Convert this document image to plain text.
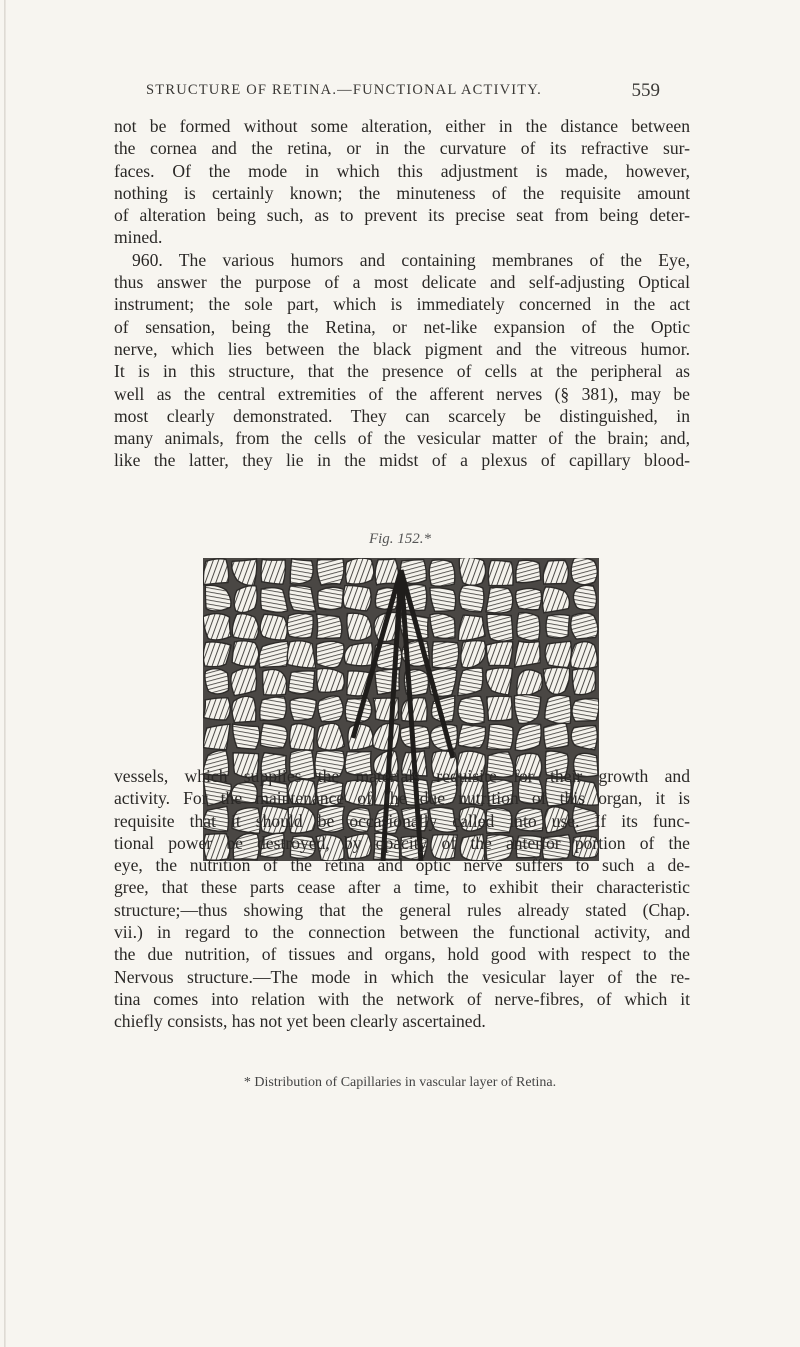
STRUCTURE OF RETINA.—FUNCTIONAL ACTIVITY.	559
not be formed without some alteration, either in the distance between
the cornea and the retina, or in the curvature of its refractive sur-
faces. Of the mode in which this adjustment is made, however,
nothing is certainly known; the minuteness of the requisite amount
of alteration being such, as to prevent its precise seat from being deter-
mined.
960. The various humors and containing membranes of the Eye,
thus answer the purpose of a most delicate and self-adjusting Optical
instrument; the sole part, which is immediately concerned in the act
of sensation, being the Retina, or net-like expansion of the Optic
nerve, which lies between the black pigment and the vitreous humor.
It is in this structure, that the presence of cells at the peripheral as
well as the central extremities of the afferent nerves (§ 381), may be
most clearly demonstrated. They can scarcely be distinguished, in
many animals, from the cells of the vesicular matter of the brain; and,
like the latter, they lie in the midst of a plexus of capillary blood-
Fig. 152.*
vessels, which supplies the materials requisite for their growth and
activity. For the maintenance of the due nutrition of this organ, it is
requisite that it should be occasionally called into use. If its func-
tional power be destroyed, by opacity of the anterior portion of the
eye, the nutrition of the retina and optic nerve suffers to such a de-
gree, that these parts cease after a time, to exhibit their characteristic
structure;—thus showing that the general rules already stated (Chap.
vii.) in regard to the connection between the functional activity, and
the due nutrition, of tissues and organs, hold good with respect to the
Nervous structure.—The mode in which the vesicular layer of the re-
tina comes into relation with the network of nerve-fibres, of which it
chiefly consists, has not yet been clearly ascertained.
* Distribution of Capillaries in vascular layer of Retina.
